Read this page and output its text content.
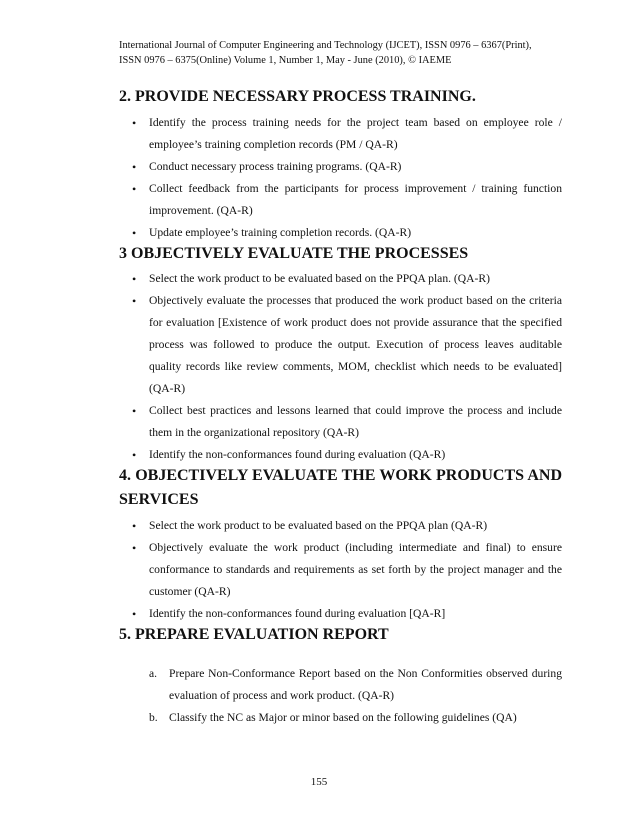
International Journal of Computer Engineering and Technology (IJCET), ISSN 0976 – 6367(Print),
ISSN 0976 – 6375(Online) Volume 1, Number 1, May - June (2010), © IAEME
2. PROVIDE NECESSARY PROCESS TRAINING.
• Identify the process training needs for the project team based on employee role / employee’s training completion records (PM / QA-R)
• Conduct necessary process training programs. (QA-R)
• Collect feedback from the participants for process improvement / training function improvement. (QA-R)
• Update employee’s training completion records. (QA-R)
3 OBJECTIVELY EVALUATE THE PROCESSES
• Select the work product to be evaluated based on the PPQA plan. (QA-R)
• Objectively evaluate the processes that produced the work product based on the criteria for evaluation [Existence of work product does not provide assurance that the specified process was followed to produce the output. Execution of process leaves auditable quality records like review comments, MOM, checklist which needs to be evaluated] (QA-R)
• Collect best practices and lessons learned that could improve the process and include them in the organizational repository (QA-R)
• Identify the non-conformances found during evaluation (QA-R)
4. OBJECTIVELY EVALUATE THE WORK PRODUCTS AND
SERVICES
• Select the work product to be evaluated based on the PPQA plan (QA-R)
• Objectively evaluate the work product (including intermediate and final) to ensure conformance to standards and requirements as set forth by the project manager and the customer (QA-R)
• Identify the non-conformances found during evaluation [QA-R]
5. PREPARE EVALUATION REPORT
a. Prepare Non-Conformance Report based on the Non Conformities observed during evaluation of process and work product. (QA-R)
b. Classify the NC as Major or minor based on the following guidelines (QA)
155
